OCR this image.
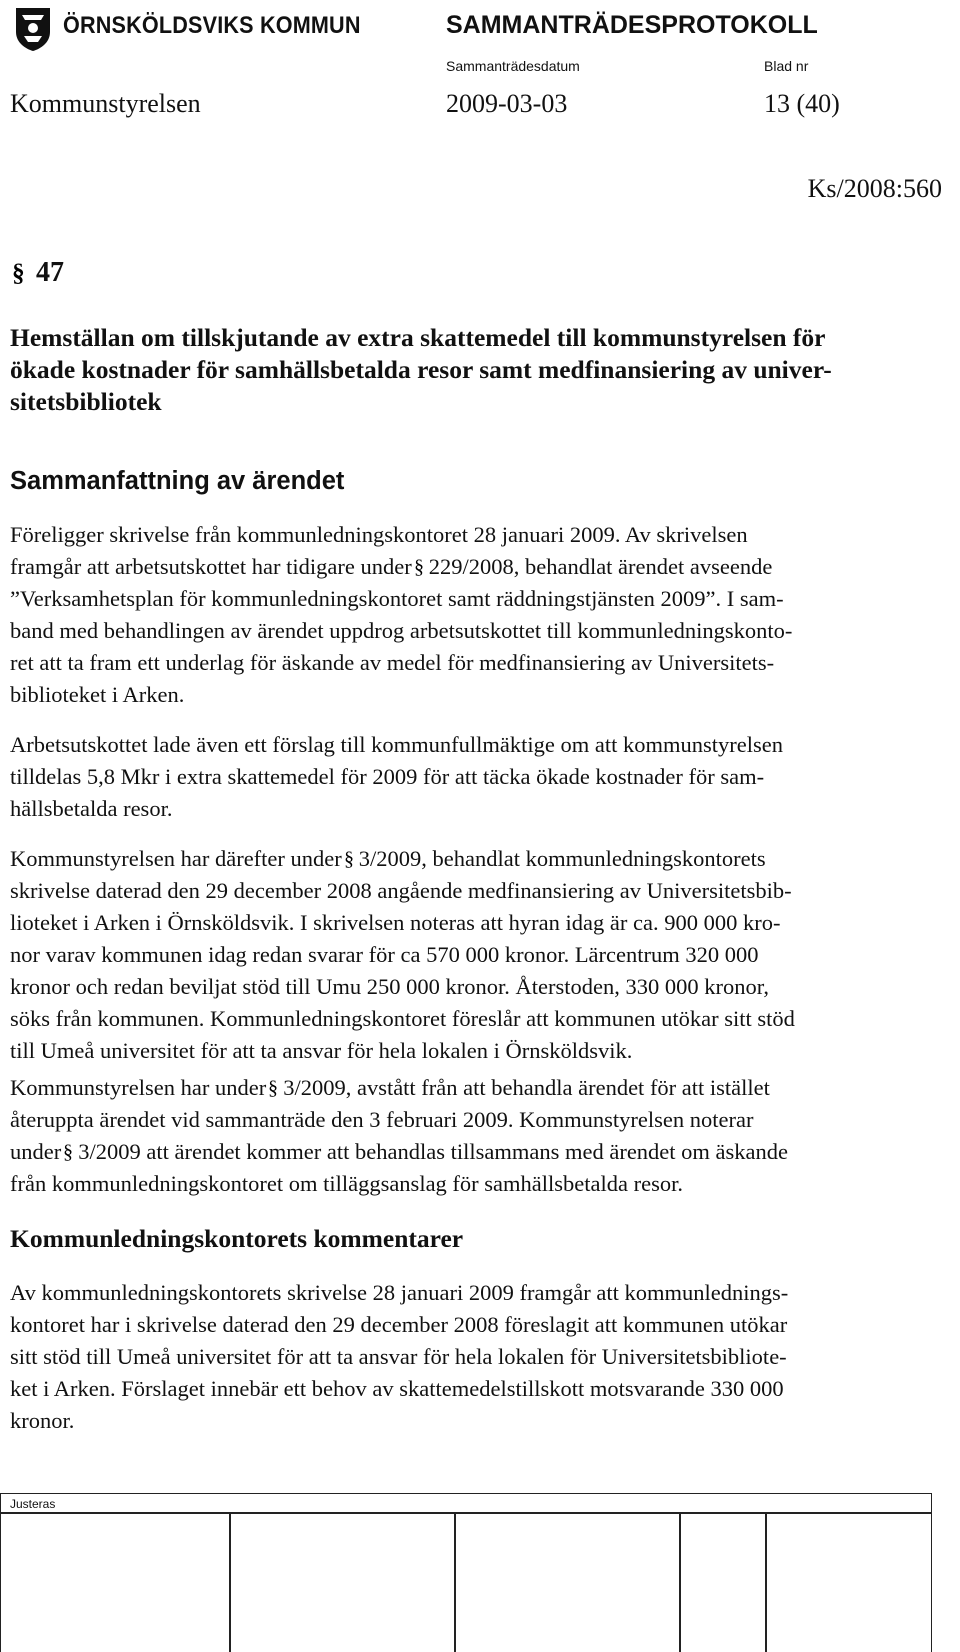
ÖRNSKÖLDSVIKS KOMMUN	SAMMANTRÄDESPROTOKOLL
Sammanträdesdatum	Blad nr
Kommunstyrelsen	2009-03-03	13 (40)
Ks/2008:560
§ 47
Hemställan om tillskjutande av extra skattemedel till kommunstyrelsen för
ökade kostnader för samhällsbetalda resor samt medfinansiering av univer-
sitetsbibliotek
Sammanfattning av ärendet
Föreligger skrivelse från kommunledningskontoret 28 januari 2009. Av skrivelsen
framgår att arbetsutskottet har tidigare under § 229/2008, behandlat ärendet avseende
”Verksamhetsplan för kommunledningskontoret samt räddningstjänsten 2009”. I sam-
band med behandlingen av ärendet uppdrog arbetsutskottet till kommunledningskonto-
ret att ta fram ett underlag för äskande av medel för medfinansiering av Universitets-
biblioteket i Arken.
Arbetsutskottet lade även ett förslag till kommunfullmäktige om att kommunstyrelsen
tilldelas 5,8 Mkr i extra skattemedel för 2009 för att täcka ökade kostnader för sam-
hällsbetalda resor.
Kommunstyrelsen har därefter under § 3/2009, behandlat kommunledningskontorets
skrivelse daterad den 29 december 2008 angående medfinansiering av Universitetsbib-
lioteket i Arken i Örnsköldsvik. I skrivelsen noteras att hyran idag är ca. 900 000 kro-
nor varav kommunen idag redan svarar för ca 570 000 kronor. Lärcentrum 320 000
kronor och redan beviljat stöd till Umu 250 000 kronor. Återstoden, 330 000 kronor,
söks från kommunen. Kommunledningskontoret föreslår att kommunen utökar sitt stöd
till Umeå universitet för att ta ansvar för hela lokalen i Örnsköldsvik.
Kommunstyrelsen har under § 3/2009, avstått från att behandla ärendet för att istället
återuppta ärendet vid sammanträde den 3 februari 2009. Kommunstyrelsen noterar
under § 3/2009 att ärendet kommer att behandlas tillsammans med ärendet om äskande
från kommunledningskontoret om tilläggsanslag för samhällsbetalda resor.
Kommunledningskontorets kommentarer
Av kommunledningskontorets skrivelse 28 januari 2009 framgår att kommunlednings-
kontoret har i skrivelse daterad den 29 december 2008 föreslagit att kommunen utökar
sitt stöd till Umeå universitet för att ta ansvar för hela lokalen för Universitetsbibliote-
ket i Arken. Förslaget innebär ett behov av skattemedelstillskott motsvarande 330 000
kronor.
Justeras
